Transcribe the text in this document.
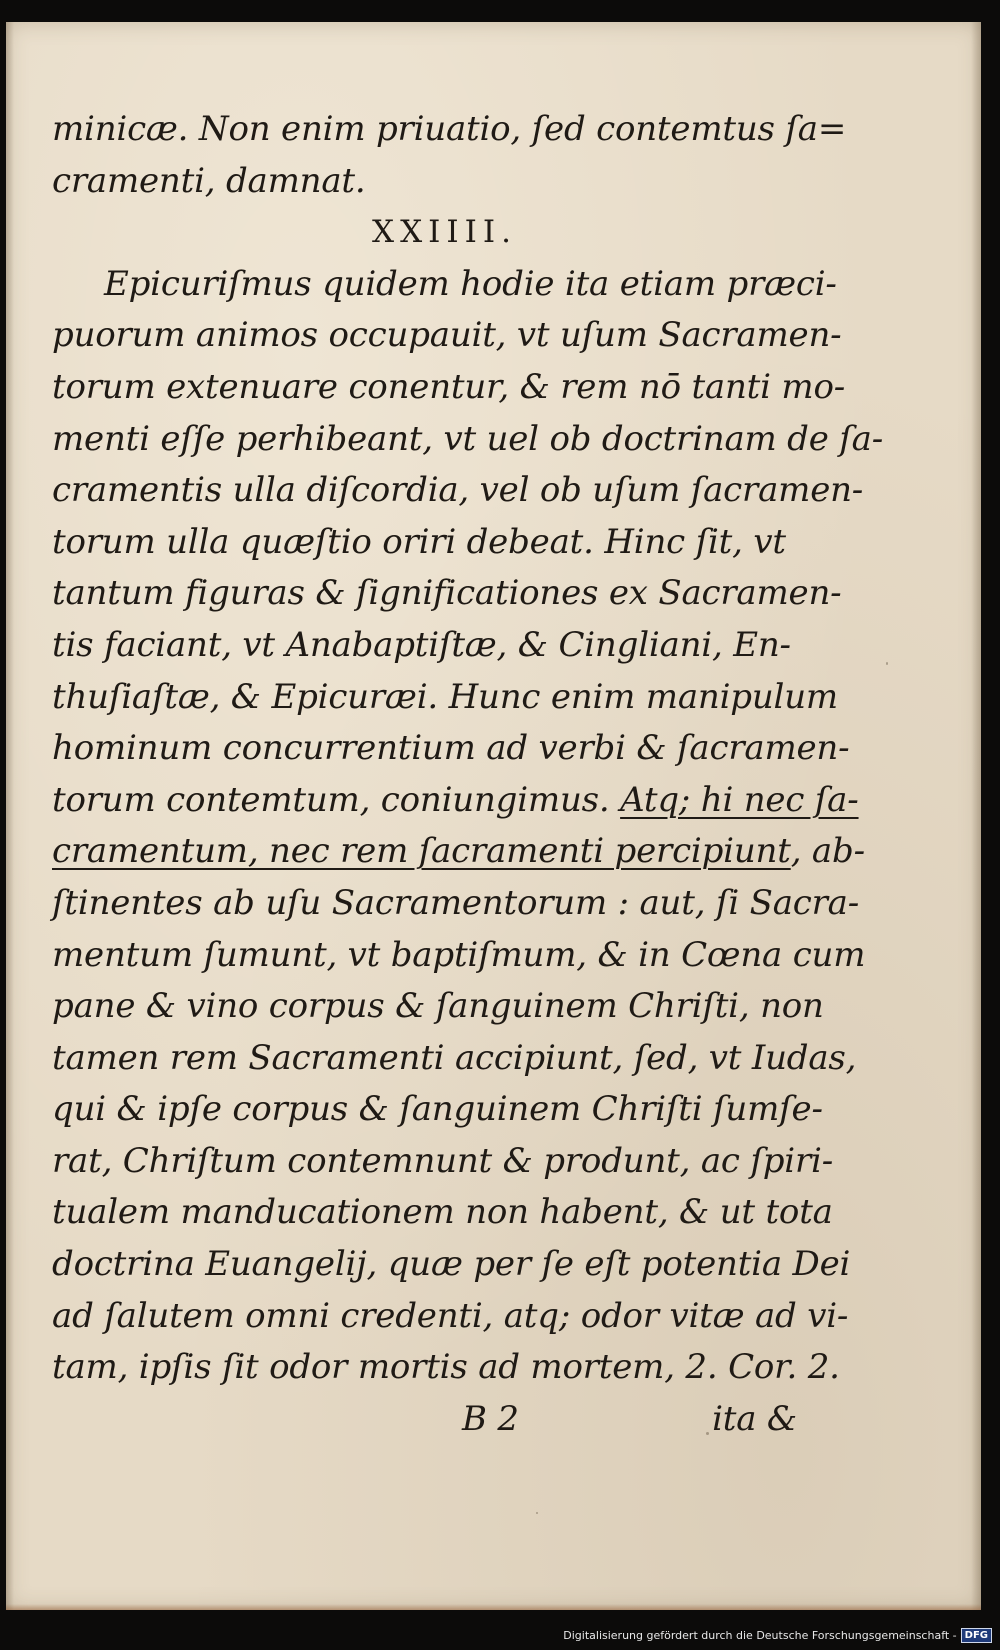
minicæ. Non enim priuatio, ſed contemtus ſa=
cramenti, damnat.
XXIIII.
Epicuriſmus quidem hodie ita etiam præci-
puorum animos occupauit, vt uſum Sacramen-
torum extenuare conentur, & rem nō tanti mo-
menti eſſe perhibeant, vt uel ob doctrinam de ſa-
cramentis ulla diſcordia, vel ob uſum ſacramen-
torum ulla quæſtio oriri debeat. Hinc ſit, vt
tantum figuras & ſignificationes ex Sacramen-
tis faciant, vt Anabaptiſtæ, & Cingliani, En-
thuſiaſtæ, & Epicuræi. Hunc enim manipulum
hominum concurrentium ad verbi & ſacramen-
torum contemtum, coniungimus. Atq; hi nec ſa-
cramentum, nec rem ſacramenti percipiunt, ab-
ſtinentes ab uſu Sacramentorum : aut, ſi Sacra-
mentum ſumunt, vt baptiſmum, & in Cœna cum
pane & vino corpus & ſanguinem Chriſti, non
tamen rem Sacramenti accipiunt, ſed, vt Iudas,
qui & ipſe corpus & ſanguinem Chriſti ſumſe-
rat, Chriſtum contemnunt & produnt, ac ſpiri-
tualem manducationem non habent, & ut tota
doctrina Euangelij, quæ per ſe eſt potentia Dei
ad ſalutem omni credenti, atq; odor vitæ ad vi-
tam, ipſis ſit odor mortis ad mortem, 2. Cor. 2.
B 2	ita &
Digitalisierung gefördert durch die Deutsche Forschungsgemeinschaft - DFG
